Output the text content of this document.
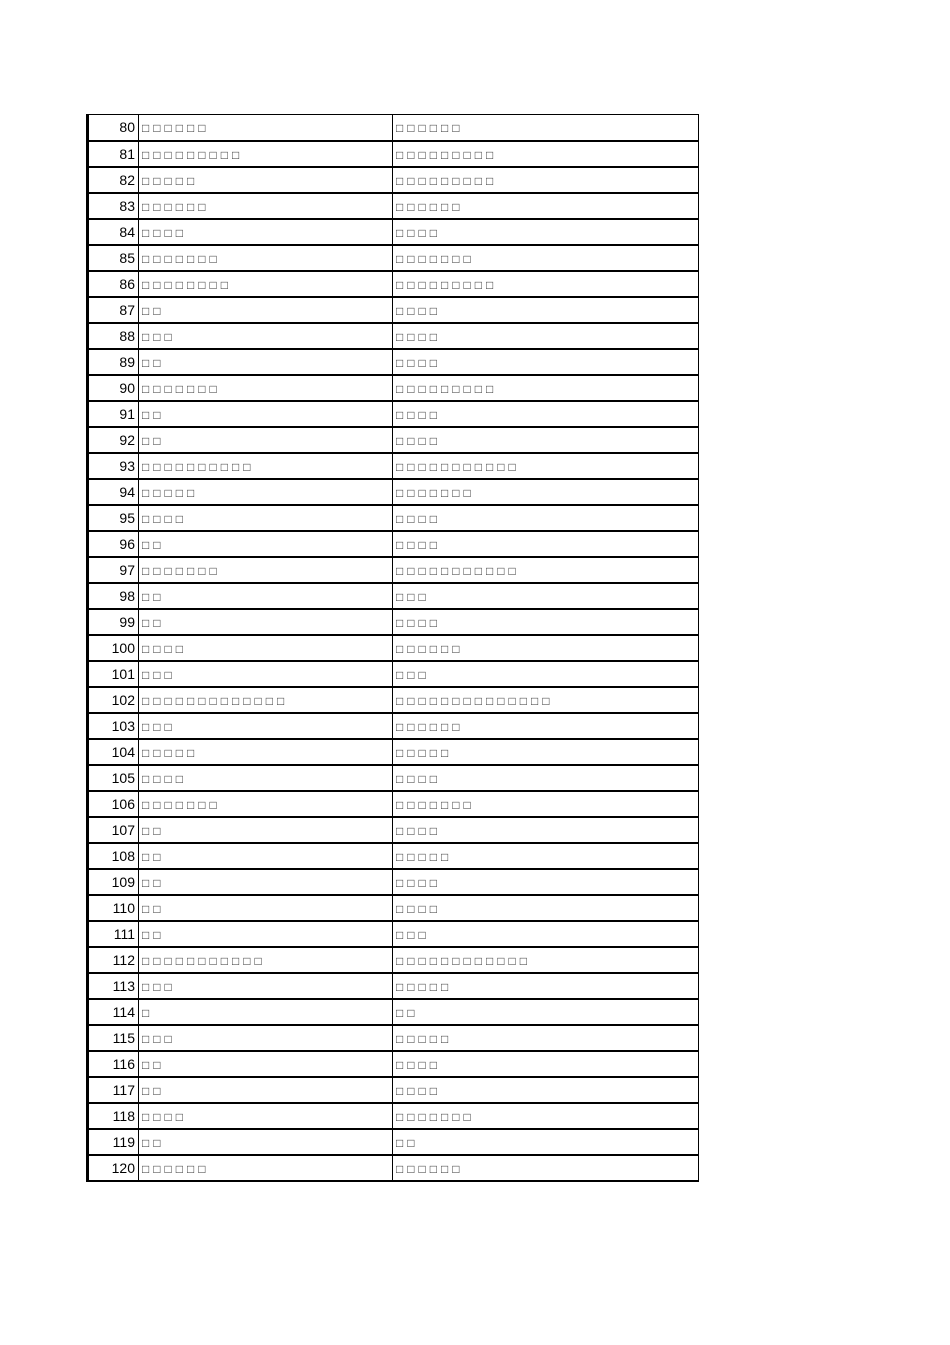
80	□□□□□□	□□□□□□
81	□□□□□□□□□	□□□□□□□□□
82	□□□□□	□□□□□□□□□
83	□□□□□□	□□□□□□
84	□□□□	□□□□
85	□□□□□□□	□□□□□□□
86	□□□□□□□□	□□□□□□□□□
87	□□	□□□□
88	□□□	□□□□
89	□□	□□□□
90	□□□□□□□	□□□□□□□□□
91	□□	□□□□
92	□□	□□□□
93	□□□□□□□□□□	□□□□□□□□□□□
94	□□□□□	□□□□□□□
95	□□□□	□□□□
96	□□	□□□□
97	□□□□□□□	□□□□□□□□□□□
98	□□	□□□
99	□□	□□□□
100	□□□□	□□□□□□
101	□□□	□□□
102	□□□□□□□□□□□□□	□□□□□□□□□□□□□□
103	□□□	□□□□□□
104	□□□□□	□□□□□
105	□□□□	□□□□
106	□□□□□□□	□□□□□□□
107	□□	□□□□
108	□□	□□□□□
109	□□	□□□□
110	□□	□□□□
111	□□	□□□
112	□□□□□□□□□□□	□□□□□□□□□□□□
113	□□□	□□□□□
114	□	□□
115	□□□	□□□□□
116	□□	□□□□
117	□□	□□□□
118	□□□□	□□□□□□□
119	□□	□□
120	□□□□□□	□□□□□□
